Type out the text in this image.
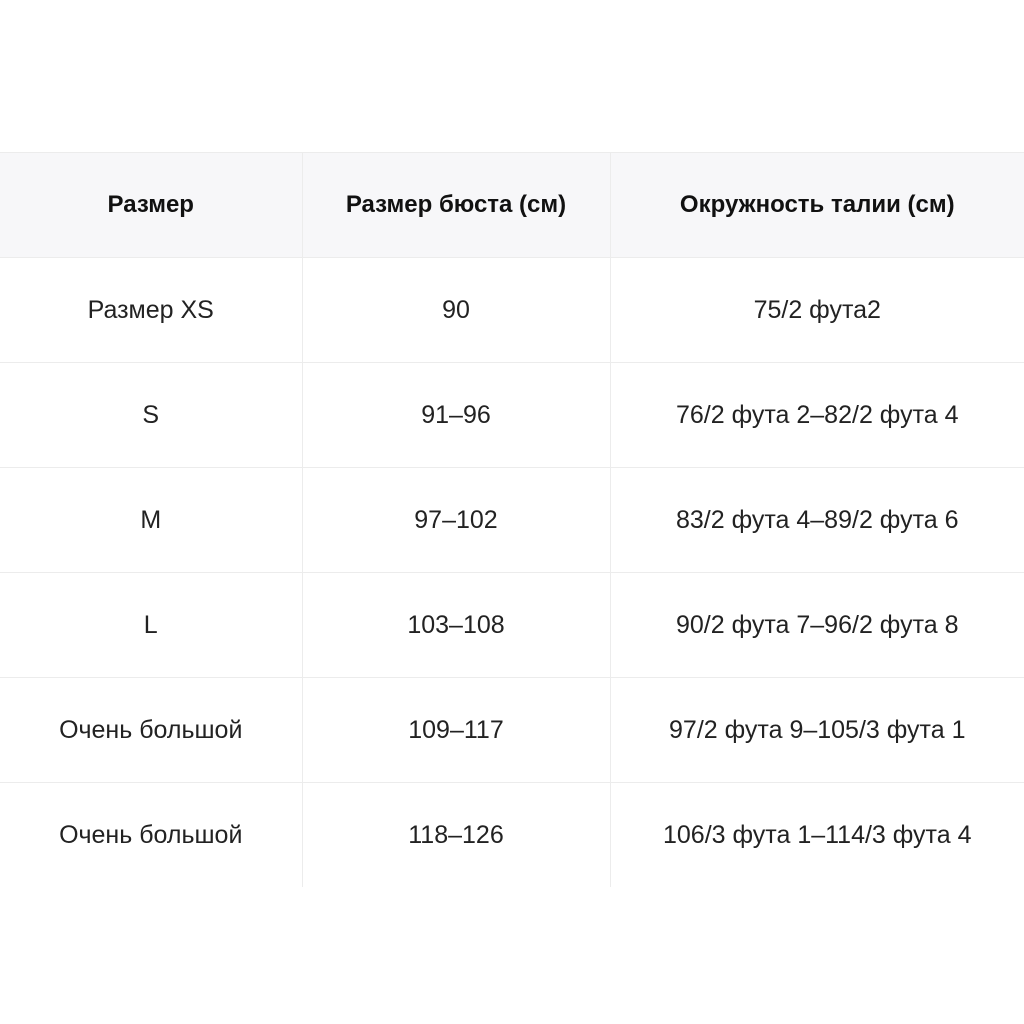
Размер	Размер бюста (см)	Окружность талии (см)
Размер XS	90	75/2 фута2
S	91–96	76/2 фута 2–82/2 фута 4
M	97–102	83/2 фута 4–89/2 фута 6
L	103–108	90/2 фута 7–96/2 фута 8
Очень большой	109–117	97/2 фута 9–105/3 фута 1
Очень большой	118–126	106/3 фута 1–114/3 фута 4
